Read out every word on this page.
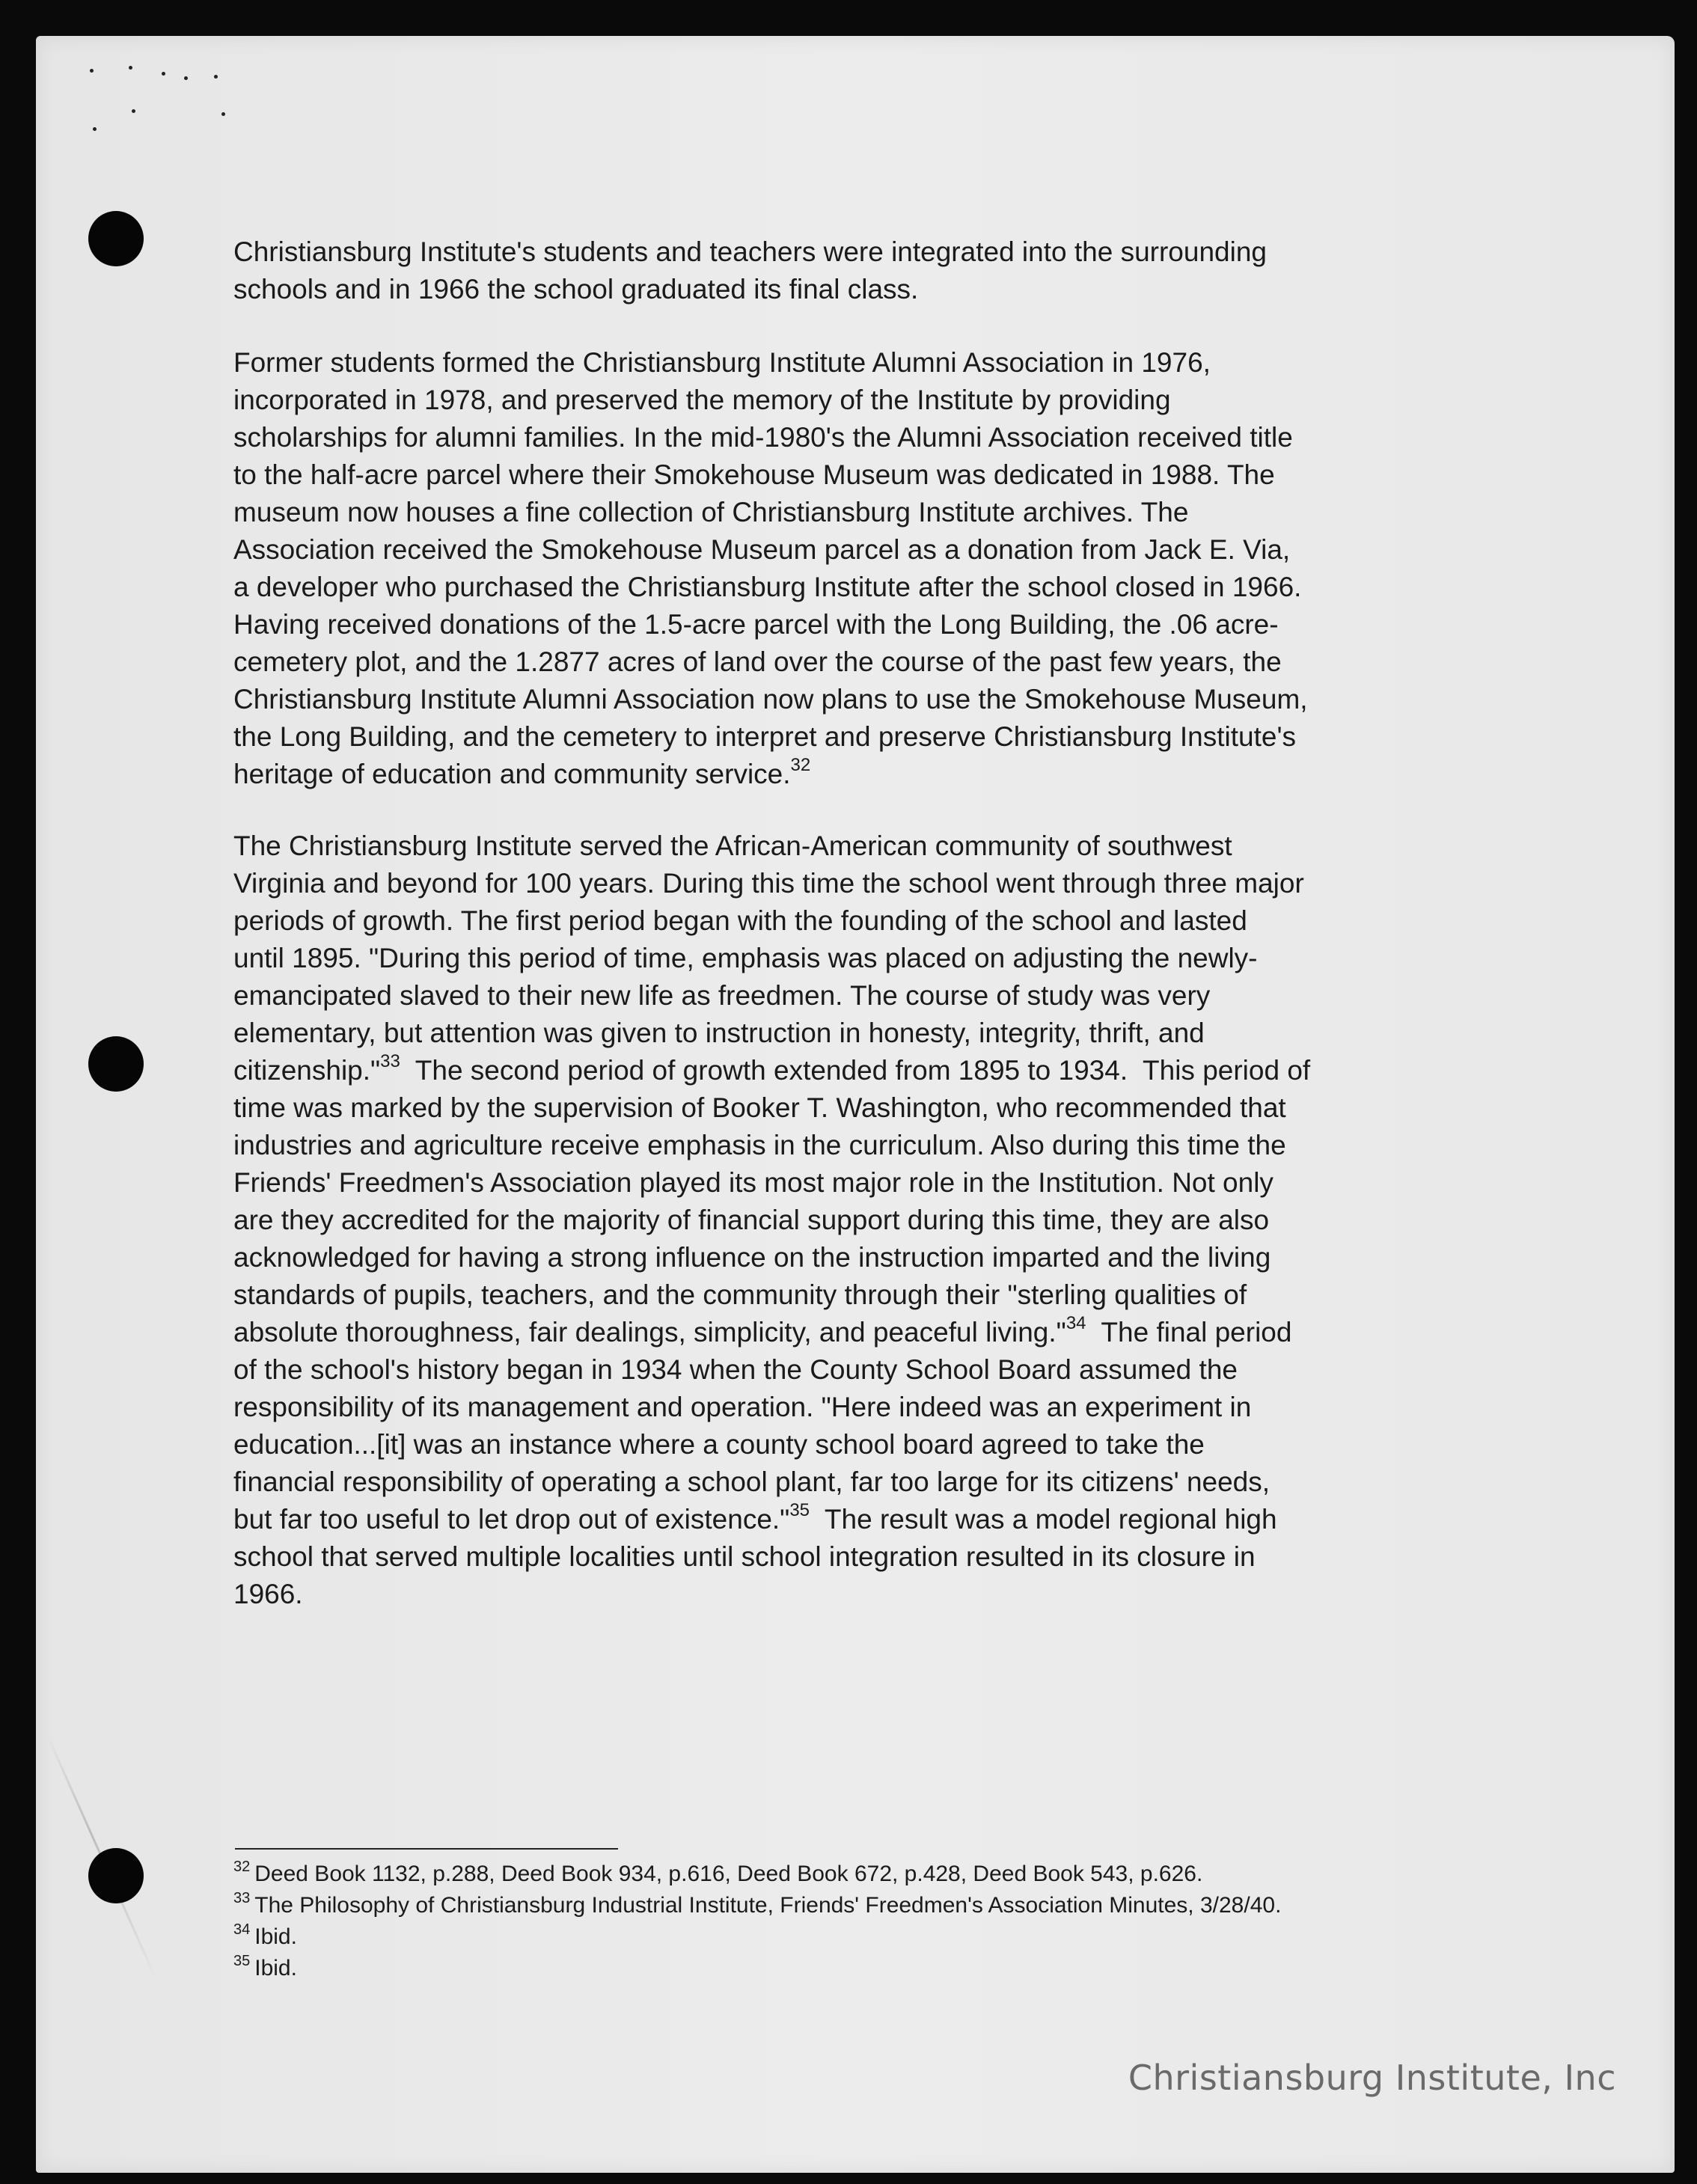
Christiansburg Institute's students and teachers were integrated into the surrounding
schools and in 1966 the school graduated its final class.
Former students formed the Christiansburg Institute Alumni Association in 1976,
incorporated in 1978, and preserved the memory of the Institute by providing
scholarships for alumni families. In the mid-1980's the Alumni Association received title
to the half-acre parcel where their Smokehouse Museum was dedicated in 1988. The
museum now houses a fine collection of Christiansburg Institute archives. The
Association received the Smokehouse Museum parcel as a donation from Jack E. Via,
a developer who purchased the Christiansburg Institute after the school closed in 1966.
Having received donations of the 1.5-acre parcel with the Long Building, the .06 acre-
cemetery plot, and the 1.2877 acres of land over the course of the past few years, the
Christiansburg Institute Alumni Association now plans to use the Smokehouse Museum,
the Long Building, and the cemetery to interpret and preserve Christiansburg Institute's
heritage of education and community service.$^{32}$
The Christiansburg Institute served the African-American community of southwest
Virginia and beyond for 100 years. During this time the school went through three major
periods of growth. The first period began with the founding of the school and lasted
until 1895. "During this period of time, emphasis was placed on adjusting the newly-
emancipated slaved to their new life as freedmen. The course of study was very
elementary, but attention was given to instruction in honesty, integrity, thrift, and
citizenship."$^{33}$  The second period of growth extended from 1895 to 1934.  This period of
time was marked by the supervision of Booker T. Washington, who recommended that
industries and agriculture receive emphasis in the curriculum. Also during this time the
Friends' Freedmen's Association played its most major role in the Institution. Not only
are they accredited for the majority of financial support during this time, they are also
acknowledged for having a strong influence on the instruction imparted and the living
standards of pupils, teachers, and the community through their "sterling qualities of
absolute thoroughness, fair dealings, simplicity, and peaceful living."$^{34}$  The final period
of the school's history began in 1934 when the County School Board assumed the
responsibility of its management and operation. "Here indeed was an experiment in
education...[it] was an instance where a county school board agreed to take the
financial responsibility of operating a school plant, far too large for its citizens' needs,
but far too useful to let drop out of existence."$^{35}$  The result was a model regional high
school that served multiple localities until school integration resulted in its closure in
1966.
$^{32}$ Deed Book 1132, p.288, Deed Book 934, p.616, Deed Book 672, p.428, Deed Book 543, p.626.
$^{33}$ The Philosophy of Christiansburg Industrial Institute, Friends' Freedmen's Association Minutes, 3/28/40.
$^{34}$ Ibid.
$^{35}$ Ibid.
Christiansburg Institute, Inc
